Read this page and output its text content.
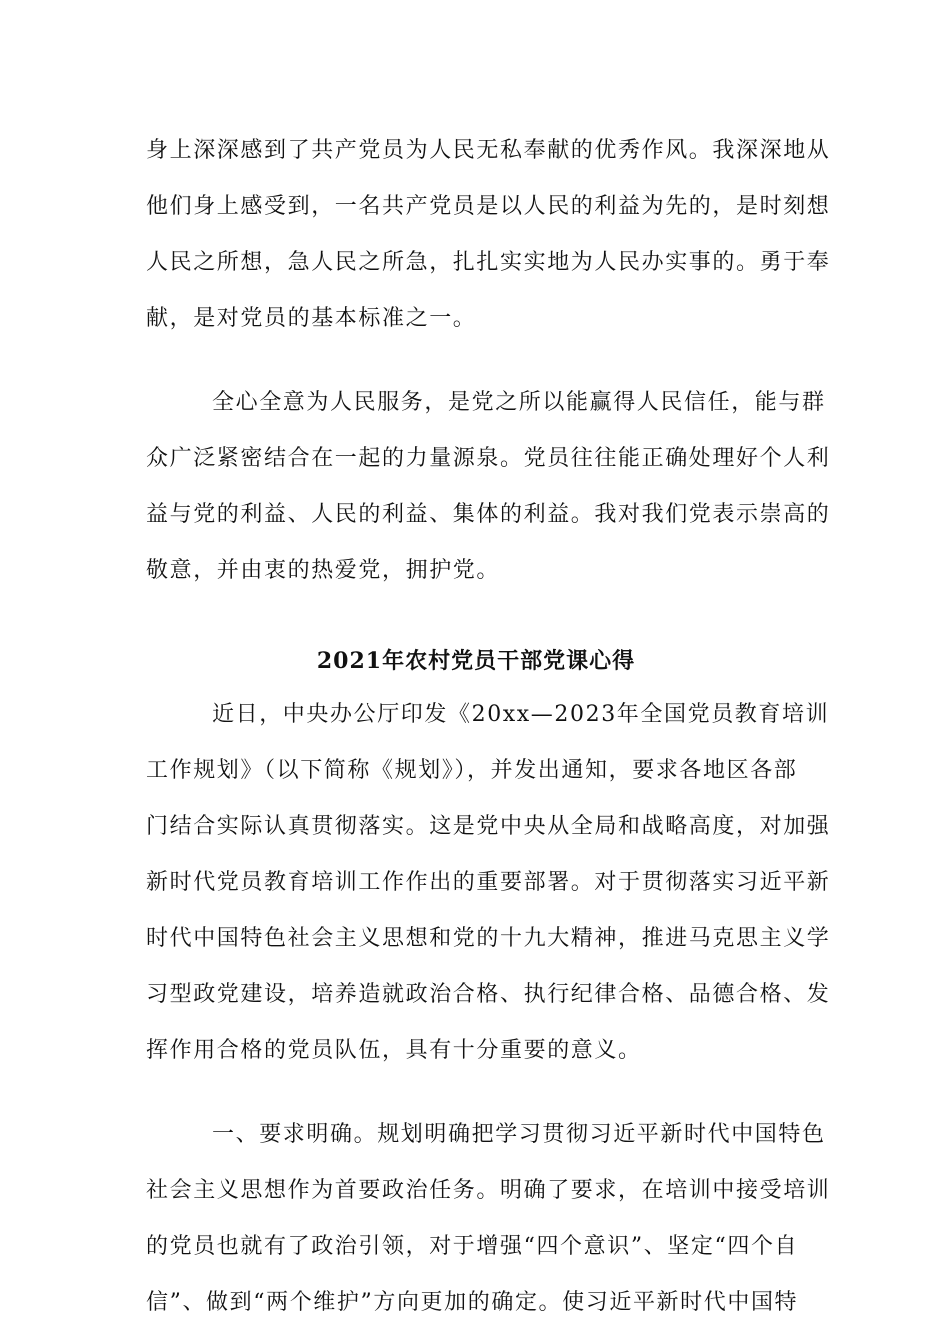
身上深深感到了共产党员为人民无私奉献的优秀作风。我深深地从
他们身上感受到，一名共产党员是以人民的利益为先的，是时刻想
人民之所想，急人民之所急，扎扎实实地为人民办实事的。勇于奉
献，是对党员的基本标准之一。

全心全意为人民服务，是党之所以能赢得人民信任，能与群
众广泛紧密结合在一起的力量源泉。党员往往能正确处理好个人利
益与党的利益、人民的利益、集体的利益。我对我们党表示崇高的
敬意，并由衷的热爱党，拥护党。

2021年农村党员干部党课心得

近日，中央办公厅印发《20xx—2023年全国党员教育培训
工作规划》（以下简称《规划》），并发出通知，要求各地区各部
门结合实际认真贯彻落实。这是党中央从全局和战略高度，对加强
新时代党员教育培训工作作出的重要部署。对于贯彻落实习近平新
时代中国特色社会主义思想和党的十九大精神，推进马克思主义学
习型政党建设，培养造就政治合格、执行纪律合格、品德合格、发
挥作用合格的党员队伍，具有十分重要的意义。

一、要求明确。规划明确把学习贯彻习近平新时代中国特色
社会主义思想作为首要政治任务。明确了要求，在培训中接受培训
的党员也就有了政治引领，对于增强“四个意识”、坚定“四个自
信”、做到“两个维护”方向更加的确定。使习近平新时代中国特
